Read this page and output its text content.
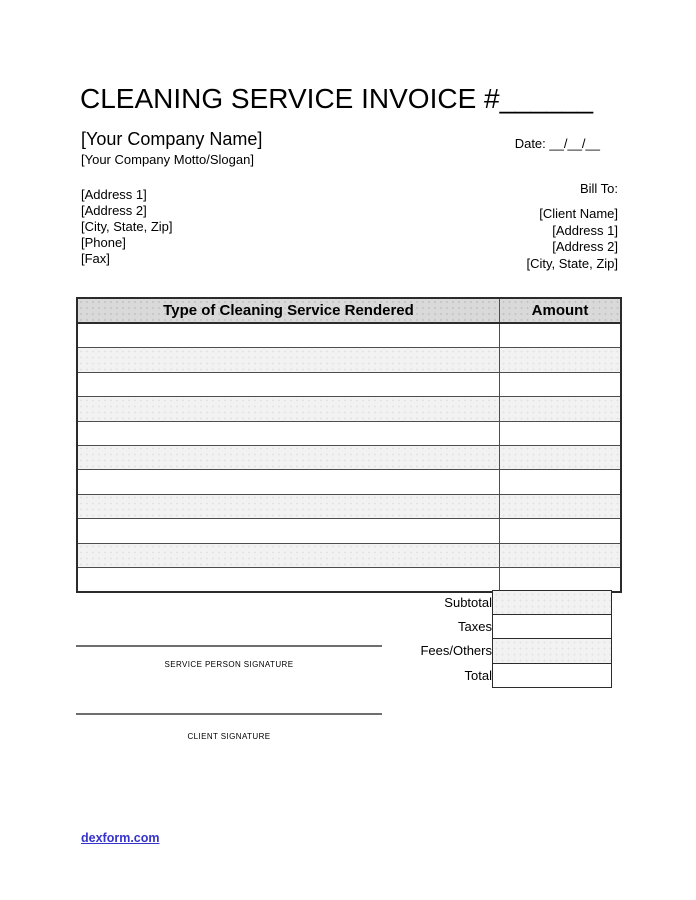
CLEANING SERVICE INVOICE #______
[Your Company Name]
[Your Company Motto/Slogan]
Date: __/__/__
[Address 1]
[Address 2]
[City, State, Zip]
[Phone]
[Fax]
Bill To:
[Client Name]
[Address 1]
[Address 2]
[City, State, Zip]
Type of Cleaning Service Rendered	Amount

Subtotal	
Taxes	
Fees/Others	
Total	
SERVICE PERSON SIGNATURE
CLIENT SIGNATURE
dexform.com
